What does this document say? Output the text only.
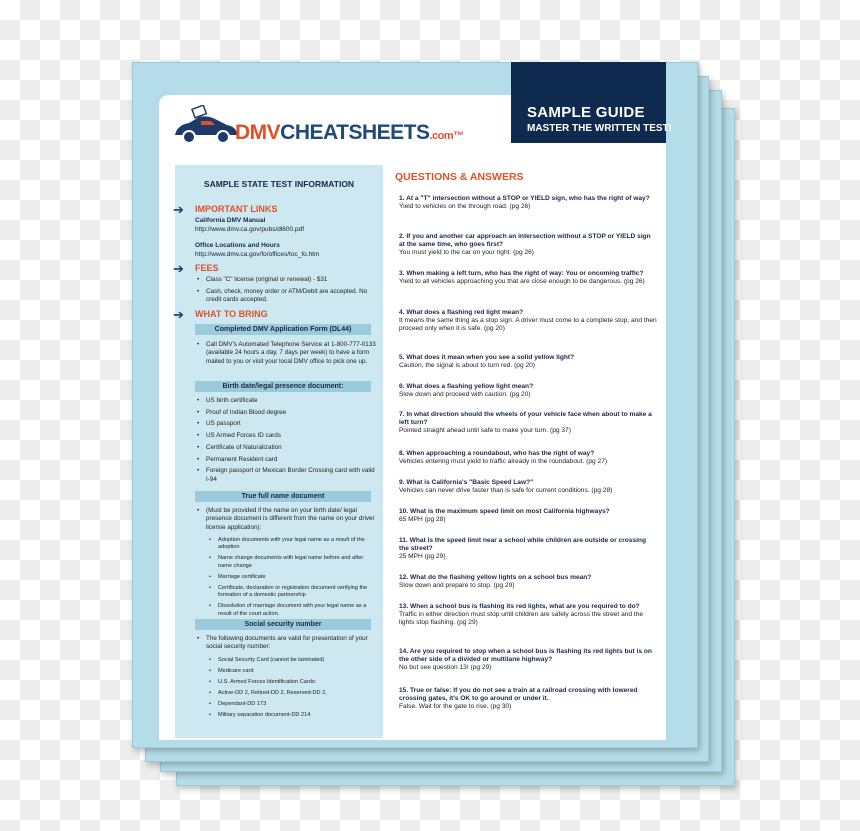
DMVCHEATSHEETS.com™
SAMPLE STATE TEST INFORMATION
➔ IMPORTANT LINKS
California DMV Manual
http://www.dmv.ca.gov/pubs/dl600.pdf
Office Locations and Hours
http://www.dmv.ca.gov/fo/offices/toc_fo.htm
➔ FEES
• Class "C" license (original or renewal) - $31
• Cash, check, money order or ATM/Debit are accepted. No credit cards accepted.
➔ WHAT TO BRING
Completed DMV Application Form (DL44)
• Call DMV's Automated Telephone Service at 1-800-777-0133 (available 24 hours a day, 7 days per week) to have a form mailed to you or visit your local DMV office to pick one up.
Birth date/legal presence document:
• US birth certificate
• Proof of Indian Blood degree
• US passport
• US Armed Forces ID cards
• Certificate of Naturalization
• Permanent Resident card
• Foreign passport or Mexican Border Crossing card with valid I-94
True full name document
• (Must be provided if the name on your birth date/ legal presence document is different from the name on your driver license application):
• Adoption documents with your legal name as a result of the adoption
• Name change documents with legal name before and after name change
• Marriage certificate
• Certificate, declaration or registration document verifying the formation of a domestic partnership
• Dissolution of marriage document with your legal name as a result of the court action.
Social security number
• The following documents are valid for presentation of your social security number:
• Social Security Card (cannot be laminated)
• Medicare card
• U.S. Armed Forces Identification Cards:
• Active-DD 2, Retired-DD 2, Reserved-DD 2,
• Dependant-DD 173
• Military separation document-DD 214
QUESTIONS & ANSWERS
1. At a "T" intersection without a STOP or YIELD sign, who has the right of way?
Yield to vehicles on the through road. (pg 26)
2. If you and another car approach an intersection without a STOP or YIELD sign at the same time, who goes first?
You must yield to the car on your right. (pg 26)
3. When making a left turn, who has the right of way: You or oncoming traffic?
Yield to all vehicles approaching you that are close enough to be dangerous. (pg 26)
4. What does a flashing red light mean?
It means the same thing as a stop sign. A driver must come to a complete stop, and then proceed only when it is safe. (pg 20)
5. What does it mean when you see a solid yellow light?
Caution, the signal is about to turn red. (pg 20)
6. What does a flashing yellow light mean?
Slow down and proceed with caution. (pg 20)
7. In what direction should the wheels of your vehicle face when about to make a left turn?
Pointed straight ahead until safe to make your turn. (pg 37)
8. When approaching a roundabout, who has the right of way?
Vehicles entering must yield to traffic already in the roundabout. (pg 27)
9. What is California's "Basic Speed Law?"
Vehicles can never drive faster than is safe for current conditions. (pg 28)
10. What is the maximum speed limit on most California highways?
65 MPH (pg 28)
11. What is the speed limit near a school while children are outside or crossing the street?
25 MPH (pg 29)
12. What do the flashing yellow lights on a school bus mean?
Slow down and prepare to stop. (pg 29)
13. When a school bus is flashing its red lights, what are you required to do?
Traffic in either direction must stop until children are safely across the street and the lights stop flashing. (pg 29)
14. Are you required to stop when a school bus is flashing its red lights but is on the other side of a divided or multilane highway?
No but see question 13! (pg 29)
15. True or false: If you do not see a train at a railroad crossing with lowered crossing gates, it's OK to go around or under it.
False. Wait for the gate to rise. (pg 30)
SAMPLE GUIDE
MASTER THE WRITTEN TEST!
